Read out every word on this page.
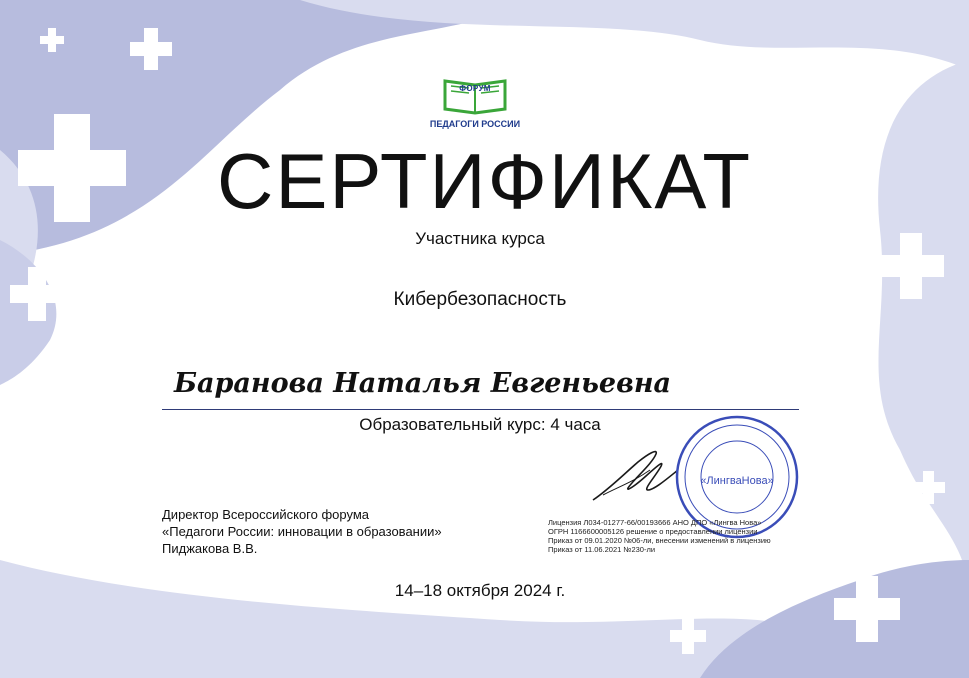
ФОРУМ
ПЕДАГОГИ РОССИИ
СЕРТИФИКАТ
Участника курса
Кибербезопасность
Баранова Наталья Евгеньевна
Образовательный курс: 4 часа
Директор Всероссийского форума
«Педагоги России: инновации в образовании»
Пиджакова В.В.
«ЛингваНова»
Лицензия Л034-01277-66/00193666 АНО ДПО «Лингва Нова»
ОГРН 1166600005126 решение о предоставлении лицензии
Приказ от 09.01.2020 №06-ли, внесении изменений в лицензию
Приказ от 11.06.2021 №230-ли
14–18 октября 2024 г.
